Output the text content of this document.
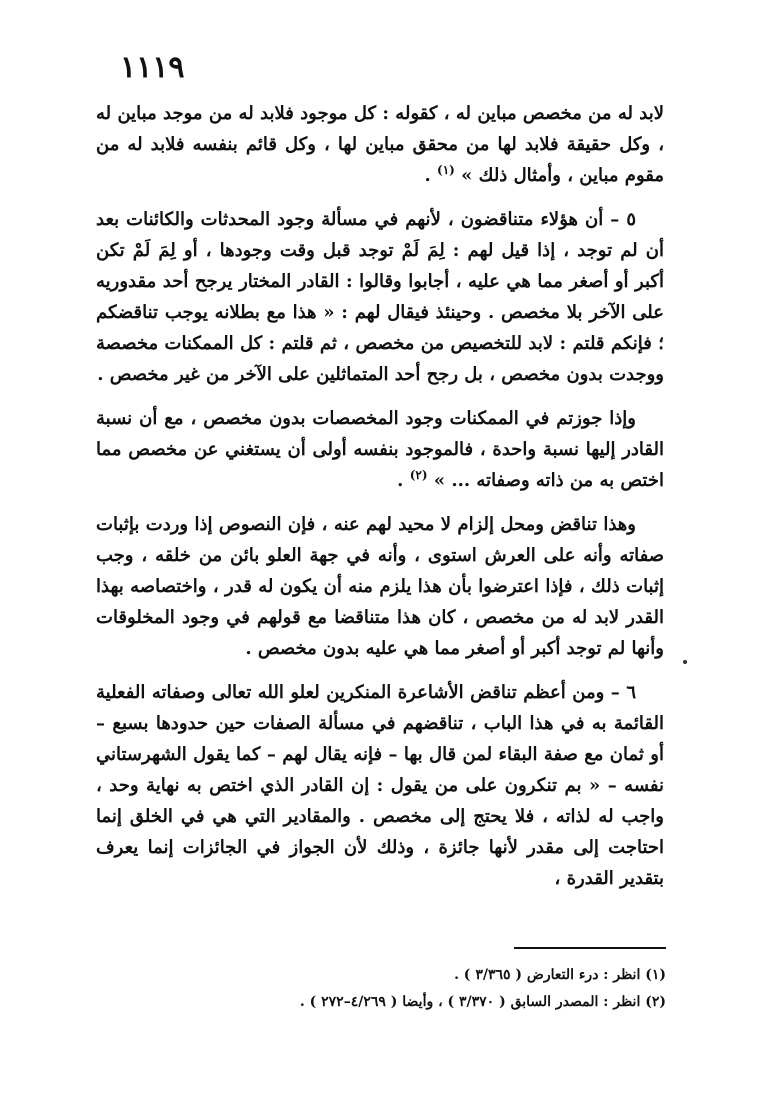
١١١٩

لابد له من مخصص مباين له ، كقوله : كل موجود فلابد له من موجد مباين له ، وكل حقيقة فلابد لها من محقق مباين لها ، وكل قائم بنفسه فلابد له من مقوم مباين ، وأمثال ذلك » $^{(١)}$ .

٥ – أن هؤلاء متناقضون ، لأنهم في مسألة وجود المحدثات والكائنات بعد أن لم توجد ، إذا قيل لهم : لِمَ لَمْ توجد قبل وقت وجودها ، أو لِمَ لَمْ تكن أكبر أو أصغر مما هي عليه ، أجابوا وقالوا : القادر المختار يرجح أحد مقدوريه على الآخر بلا مخصص . وحينئذ فيقال لهم : « هذا مع بطلانه يوجب تناقضكم ؛ فإنكم قلتم : لابد للتخصيص من مخصص ، ثم قلتم : كل الممكنات مخصصة ووجدت بدون مخصص ، بل رجح أحد المتماثلين على الآخر من غير مخصص .

وإذا جوزتم في الممكنات وجود المخصصات بدون مخصص ، مع أن نسبة القادر إليها نسبة واحدة ، فالموجود بنفسه أولى أن يستغني عن مخصص مما اختص به من ذاته وصفاته ... » $^{(٢)}$ .

وهذا تناقض ومحل إلزام لا محيد لهم عنه ، فإن النصوص إذا وردت بإثبات صفاته وأنه على العرش استوى ، وأنه في جهة العلو بائن من خلقه ، وجب إثبات ذلك ، فإذا اعترضوا بأن هذا يلزم منه أن يكون له قدر ، واختصاصه بهذا القدر لابد له من مخصص ، كان هذا متناقضا مع قولهم في وجود المخلوقات وأنها لم توجد أكبر أو أصغر مما هي عليه بدون مخصص .

٦ – ومن أعظم تناقض الأشاعرة المنكرين لعلو الله تعالى وصفاته الفعلية القائمة به في هذا الباب ، تناقضهم في مسألة الصفات حين حدودها بسبع – أو ثمان مع صفة البقاء لمن قال بها – فإنه يقال لهم – كما يقول الشهرستاني نفسه – « بم تنكرون على من يقول : إن القادر الذي اختص به نهاية وحد ، واجب له لذاته ، فلا يحتج إلى مخصص . والمقادير التي هي في الخلق إنما احتاجت إلى مقدر لأنها جائزة ، وذلك لأن الجواز في الجائزات إنما يعرف بتقدير القدرة ،

(١) انظر : درء التعارض ( ٣/٣٦٥ ) .
(٢) انظر : المصدر السابق ( ٣/٣٧٠ ) ، وأيضا ( ٤/٢٦٩–٢٧٢ ) .
